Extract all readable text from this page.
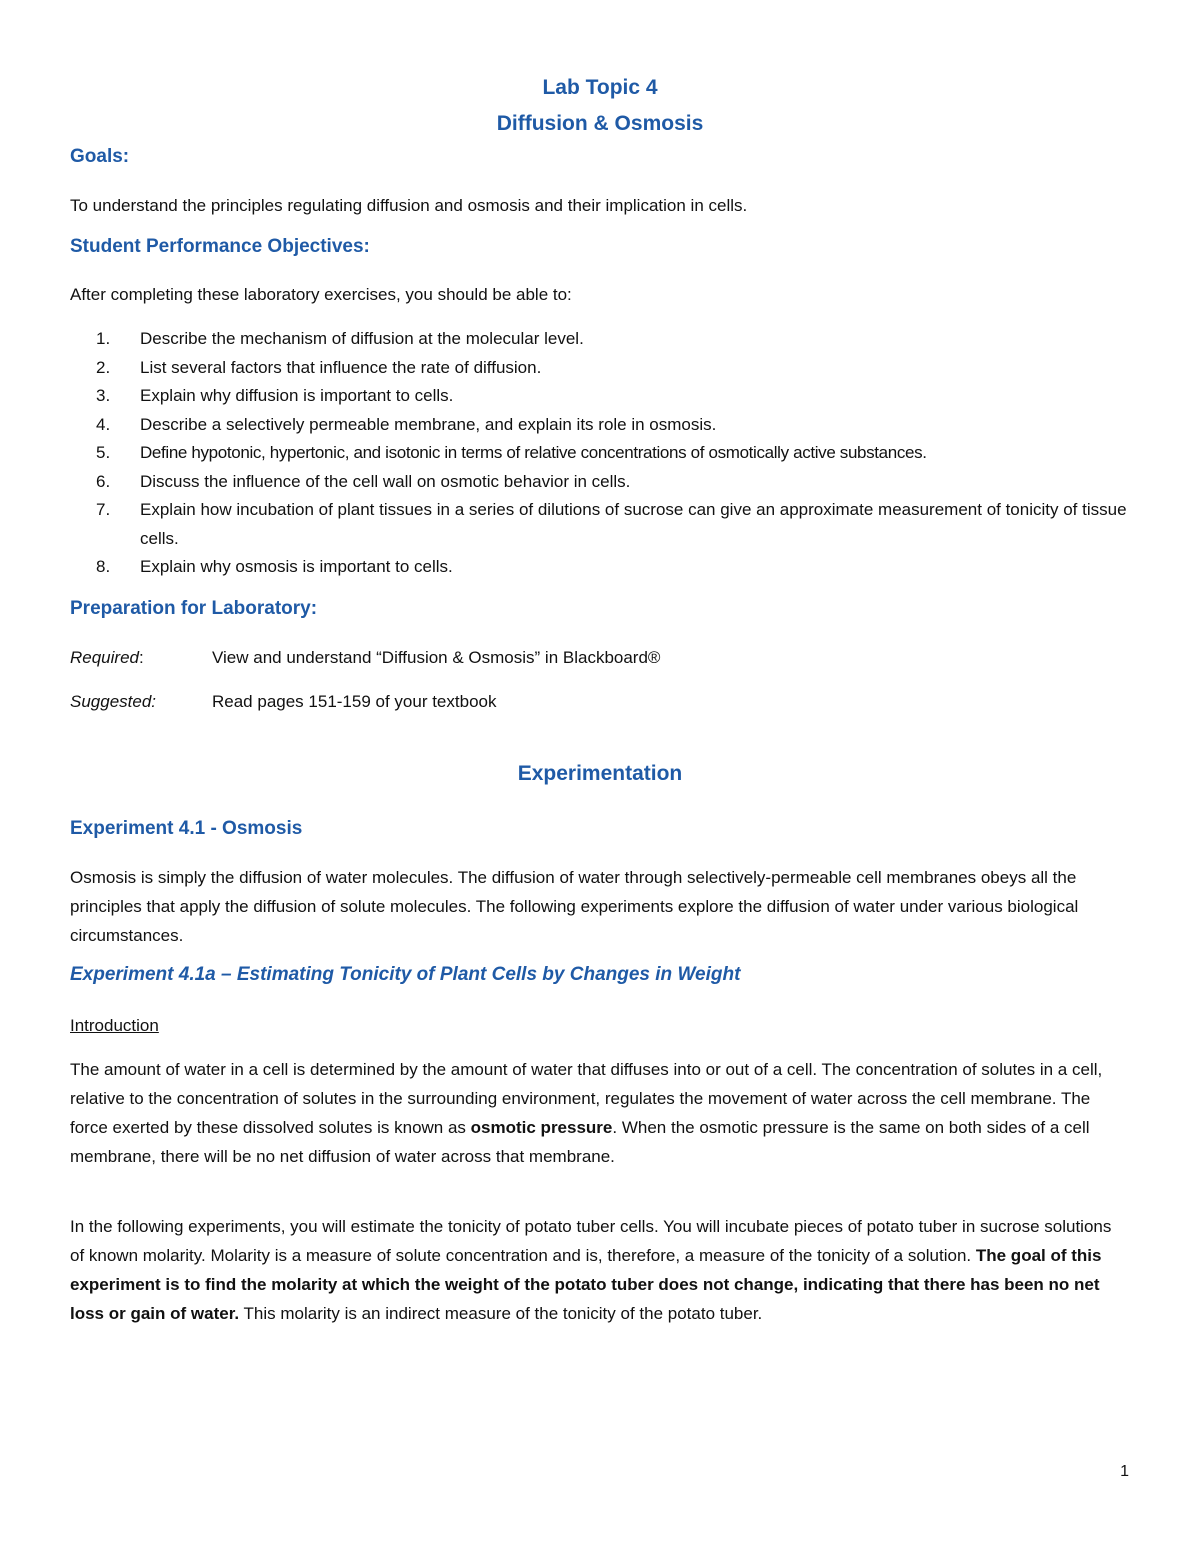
Lab Topic 4
Diffusion & Osmosis
Goals:

To understand the principles regulating diffusion and osmosis and their implication in cells.

Student Performance Objectives:

After completing these laboratory exercises, you should be able to:

1.	Describe the mechanism of diffusion at the molecular level.
2.	List several factors that influence the rate of diffusion.
3.	Explain why diffusion is important to cells.
4.	Describe a selectively permeable membrane, and explain its role in osmosis.
5.	Define hypotonic, hypertonic, and isotonic in terms of relative concentrations of osmotically active substances.
6.	Discuss the influence of the cell wall on osmotic behavior in cells.
7.	Explain how incubation of plant tissues in a series of dilutions of sucrose can give an approximate measurement of tonicity of tissue cells.
8.	Explain why osmosis is important to cells.
Preparation for Laboratory:
Required:	View and understand “Diffusion & Osmosis” in Blackboard®
Suggested:	Read pages 151-159 of your textbook
Experimentation
Experiment 4.1 - Osmosis

Osmosis is simply the diffusion of water molecules. The diffusion of water through selectively-permeable cell membranes obeys all the principles that apply the diffusion of solute molecules. The following experiments explore the diffusion of water under various biological circumstances.

Experiment 4.1a – Estimating Tonicity of Plant Cells by Changes in Weight

Introduction

The amount of water in a cell is determined by the amount of water that diffuses into or out of a cell. The concentration of solutes in a cell, relative to the concentration of solutes in the surrounding environment, regulates the movement of water across the cell membrane. The force exerted by these dissolved solutes is known as osmotic pressure. When the osmotic pressure is the same on both sides of a cell membrane, there will be no net diffusion of water across that membrane.

In the following experiments, you will estimate the tonicity of potato tuber cells. You will incubate pieces of potato tuber in sucrose solutions of known molarity. Molarity is a measure of solute concentration and is, therefore, a measure of the tonicity of a solution. The goal of this experiment is to find the molarity at which the weight of the potato tuber does not change, indicating that there has been no net loss or gain of water. This molarity is an indirect measure of the tonicity of the potato tuber.

1
